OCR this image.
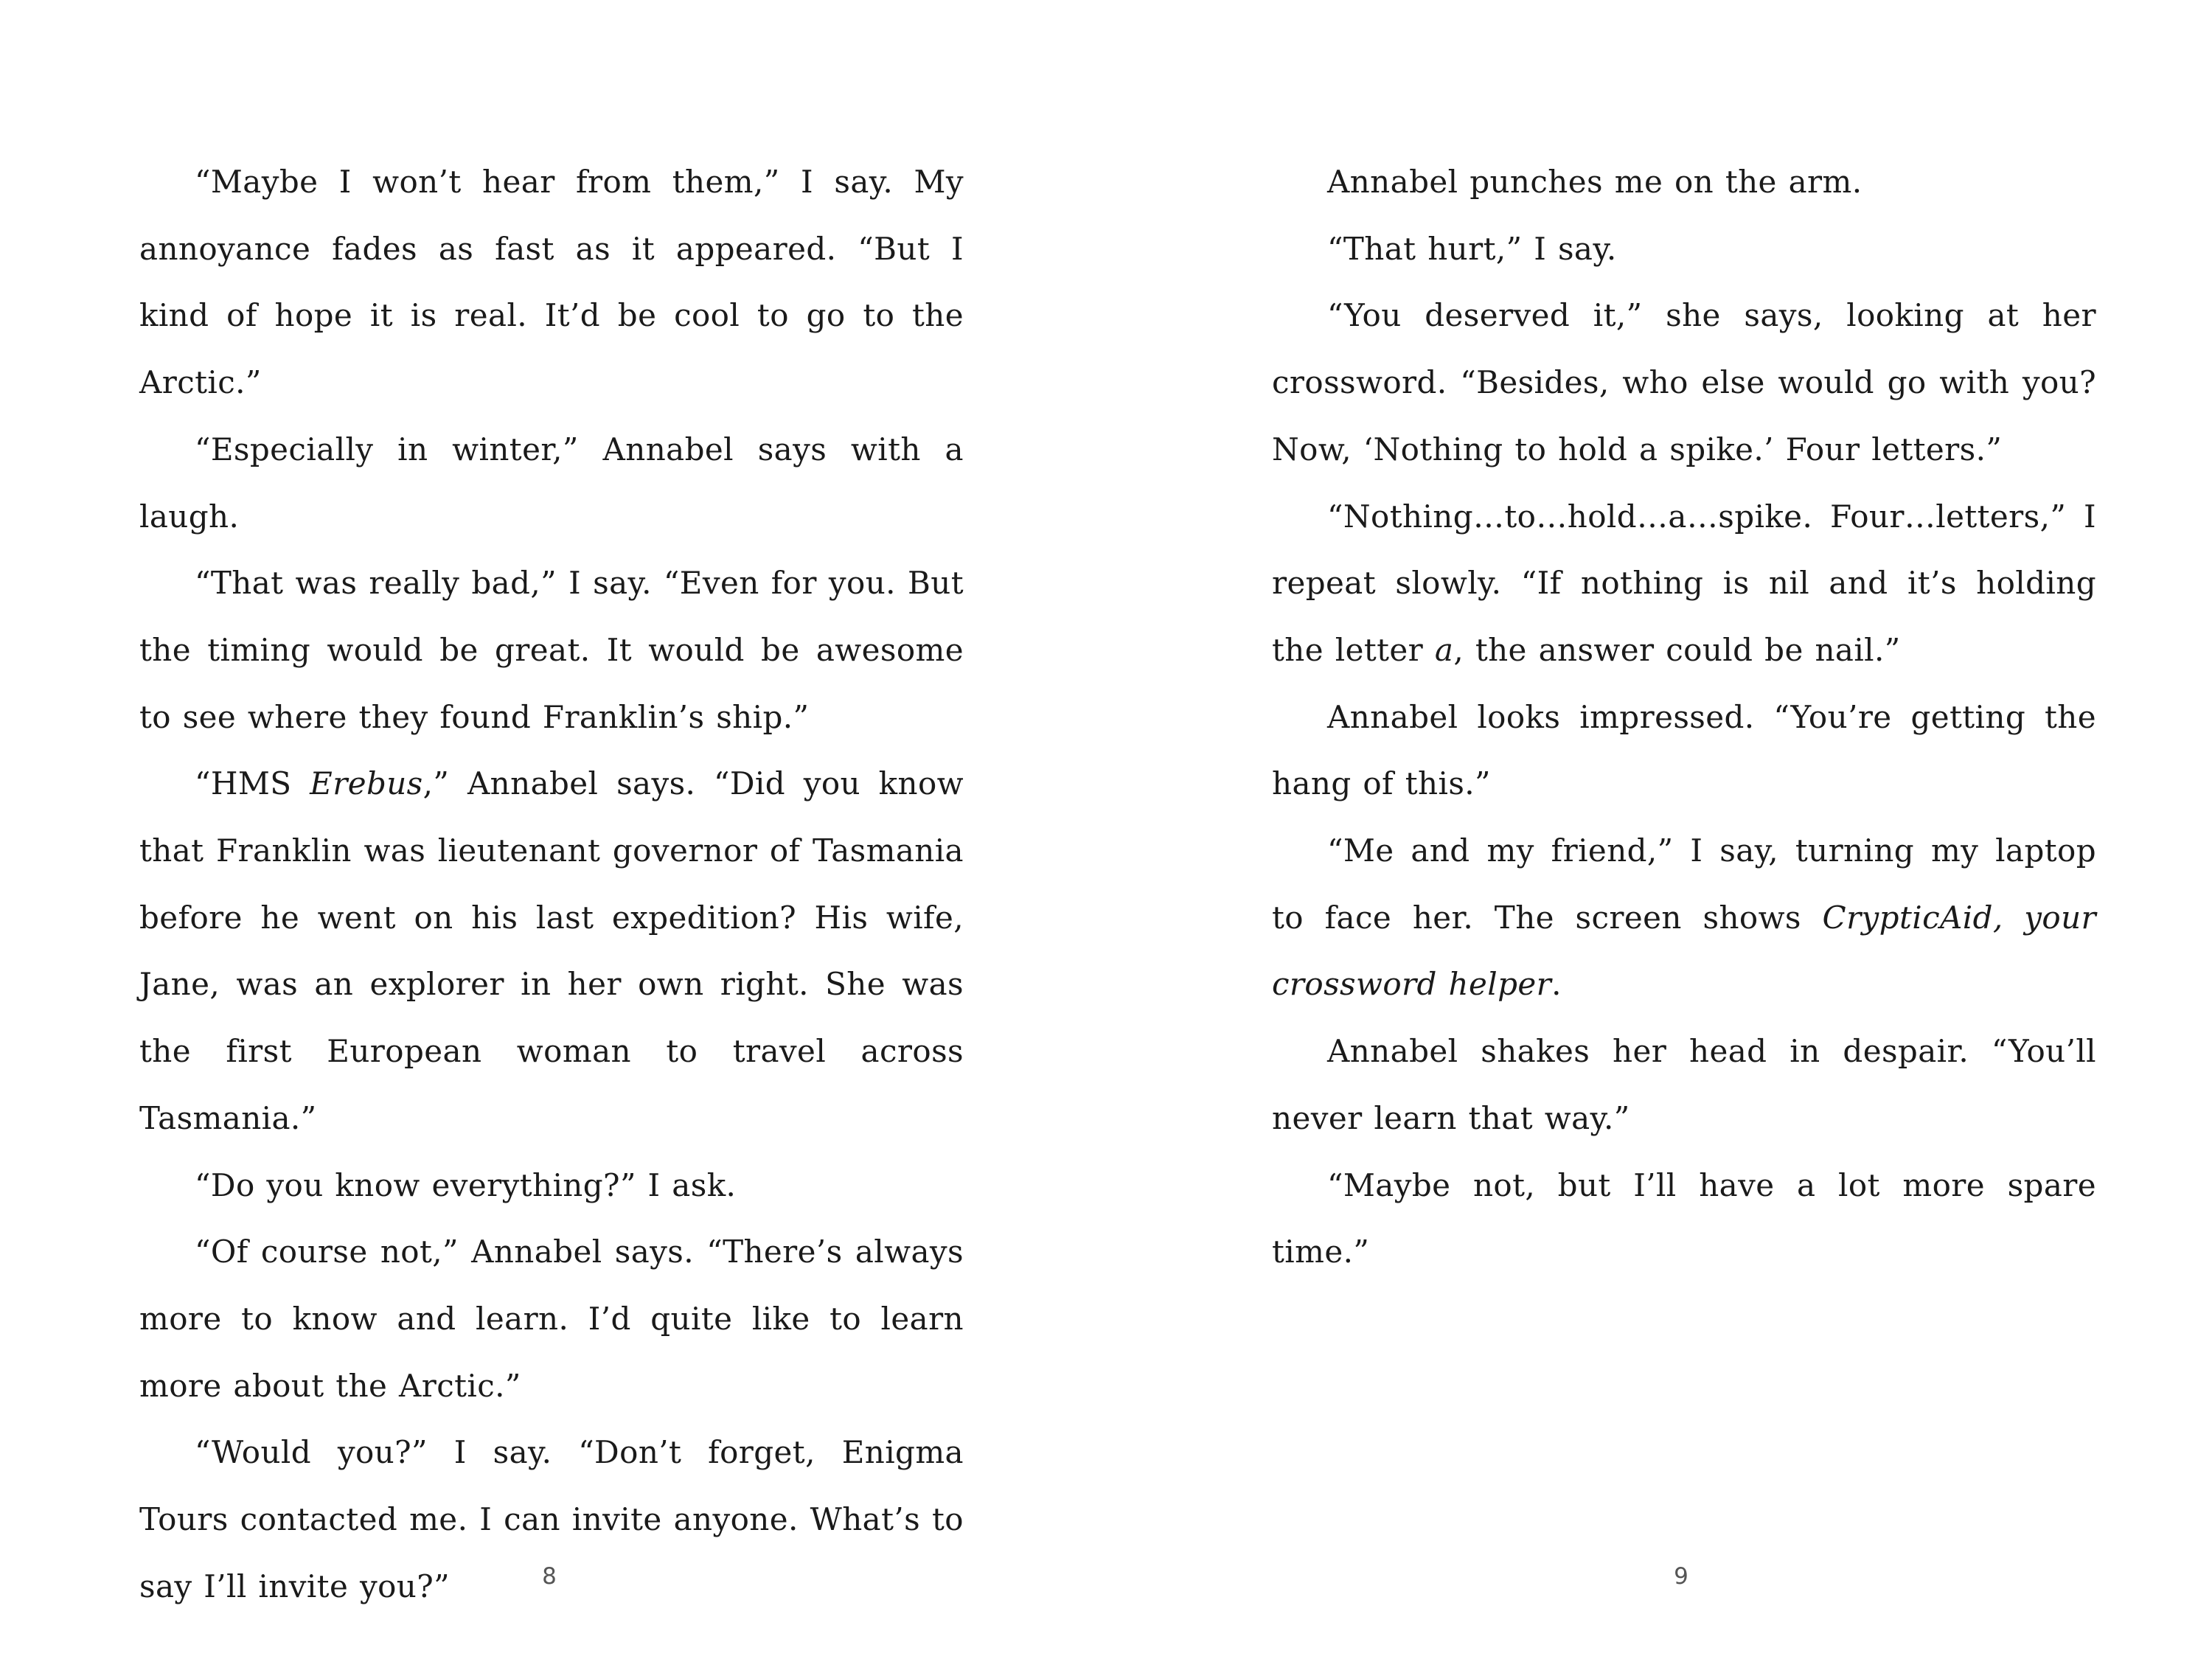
“Maybe I won’t hear from them,” I say. My annoyance fades as fast as it appeared. “But I kind of hope it is real. It’d be cool to go to the Arctic.”

“Especially in winter,” Annabel says with a laugh.

“That was really bad,” I say. “Even for you. But the timing would be great. It would be awesome to see where they found Franklin’s ship.”

“HMS Erebus,” Annabel says. “Did you know that Franklin was lieutenant governor of Tasmania before he went on his last expedition? His wife, Jane, was an explorer in her own right. She was the first European woman to travel across Tasmania.”

“Do you know everything?” I ask.

“Of course not,” Annabel says. “There’s always more to know and learn. I’d quite like to learn more about the Arctic.”

“Would you?” I say. “Don’t forget, Enigma Tours contacted me. I can invite anyone. What’s to say I’ll invite you?”	8

Annabel punches me on the arm.

“That hurt,” I say.

“You deserved it,” she says, looking at her crossword. “Besides, who else would go with you? Now, ‘Nothing to hold a spike.’ Four letters.”

“Nothing…to…hold…a…spike. Four…letters,” I repeat slowly. “If nothing is nil and it’s holding the letter a, the answer could be nail.”

Annabel looks impressed. “You’re getting the hang of this.”

“Me and my friend,” I say, turning my laptop to face her. The screen shows CrypticAid, your crossword helper.

Annabel shakes her head in despair. “You’ll never learn that way.”

“Maybe not, but I’ll have a lot more spare time.”

9
